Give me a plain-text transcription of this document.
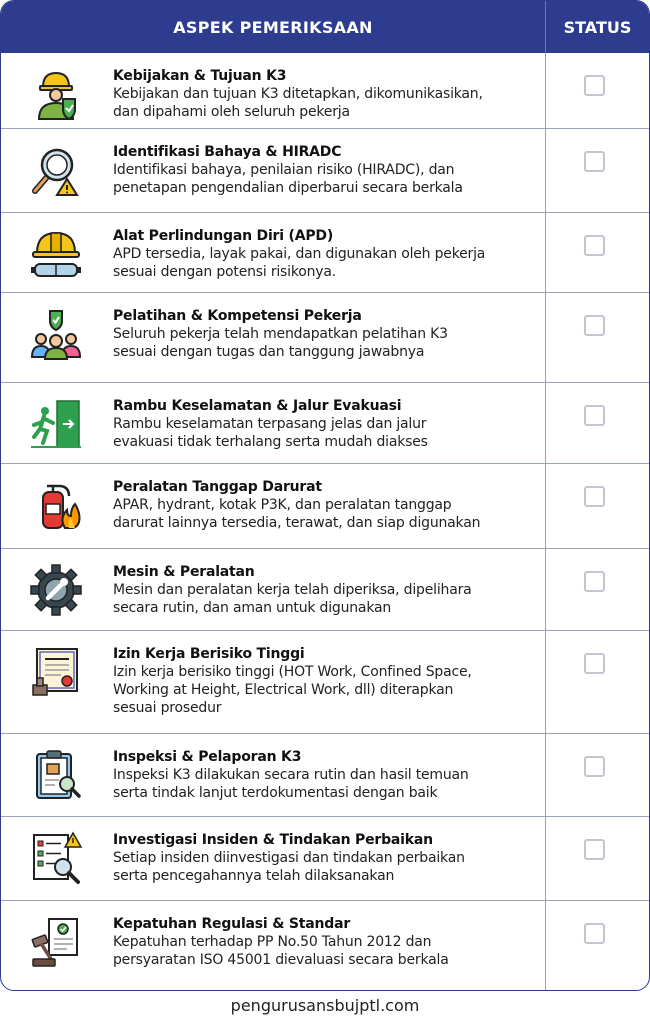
ASPEK PEMERIKSAAN	STATUS
Kebijakan & Tujuan K3
Kebijakan dan tujuan K3 ditetapkan, dikomunikasikan,
dan dipahami oleh seluruh pekerja
Identifikasi Bahaya & HIRADC
Identifikasi bahaya, penilaian risiko (HIRADC), dan
penetapan pengendalian diperbarui secara berkala
Alat Perlindungan Diri (APD)
APD tersedia, layak pakai, dan digunakan oleh pekerja
sesuai dengan potensi risikonya.
Pelatihan & Kompetensi Pekerja
Seluruh pekerja telah mendapatkan pelatihan K3
sesuai dengan tugas dan tanggung jawabnya
Rambu Keselamatan & Jalur Evakuasi
Rambu keselamatan terpasang jelas dan jalur
evakuasi tidak terhalang serta mudah diakses
Peralatan Tanggap Darurat
APAR, hydrant, kotak P3K, dan peralatan tanggap
darurat lainnya tersedia, terawat, dan siap digunakan
Mesin & Peralatan
Mesin dan peralatan kerja telah diperiksa, dipelihara
secara rutin, dan aman untuk digunakan
Izin Kerja Berisiko Tinggi
Izin kerja berisiko tinggi (HOT Work, Confined Space,
Working at Height, Electrical Work, dll) diterapkan
sesuai prosedur
Inspeksi & Pelaporan K3
Inspeksi K3 dilakukan secara rutin dan hasil temuan
serta tindak lanjut terdokumentasi dengan baik
Investigasi Insiden & Tindakan Perbaikan
Setiap insiden diinvestigasi dan tindakan perbaikan
serta pencegahannya telah dilaksanakan
Kepatuhan Regulasi & Standar
Kepatuhan terhadap PP No.50 Tahun 2012 dan
persyaratan ISO 45001 dievaluasi secara berkala
pengurusansbujptl.com
